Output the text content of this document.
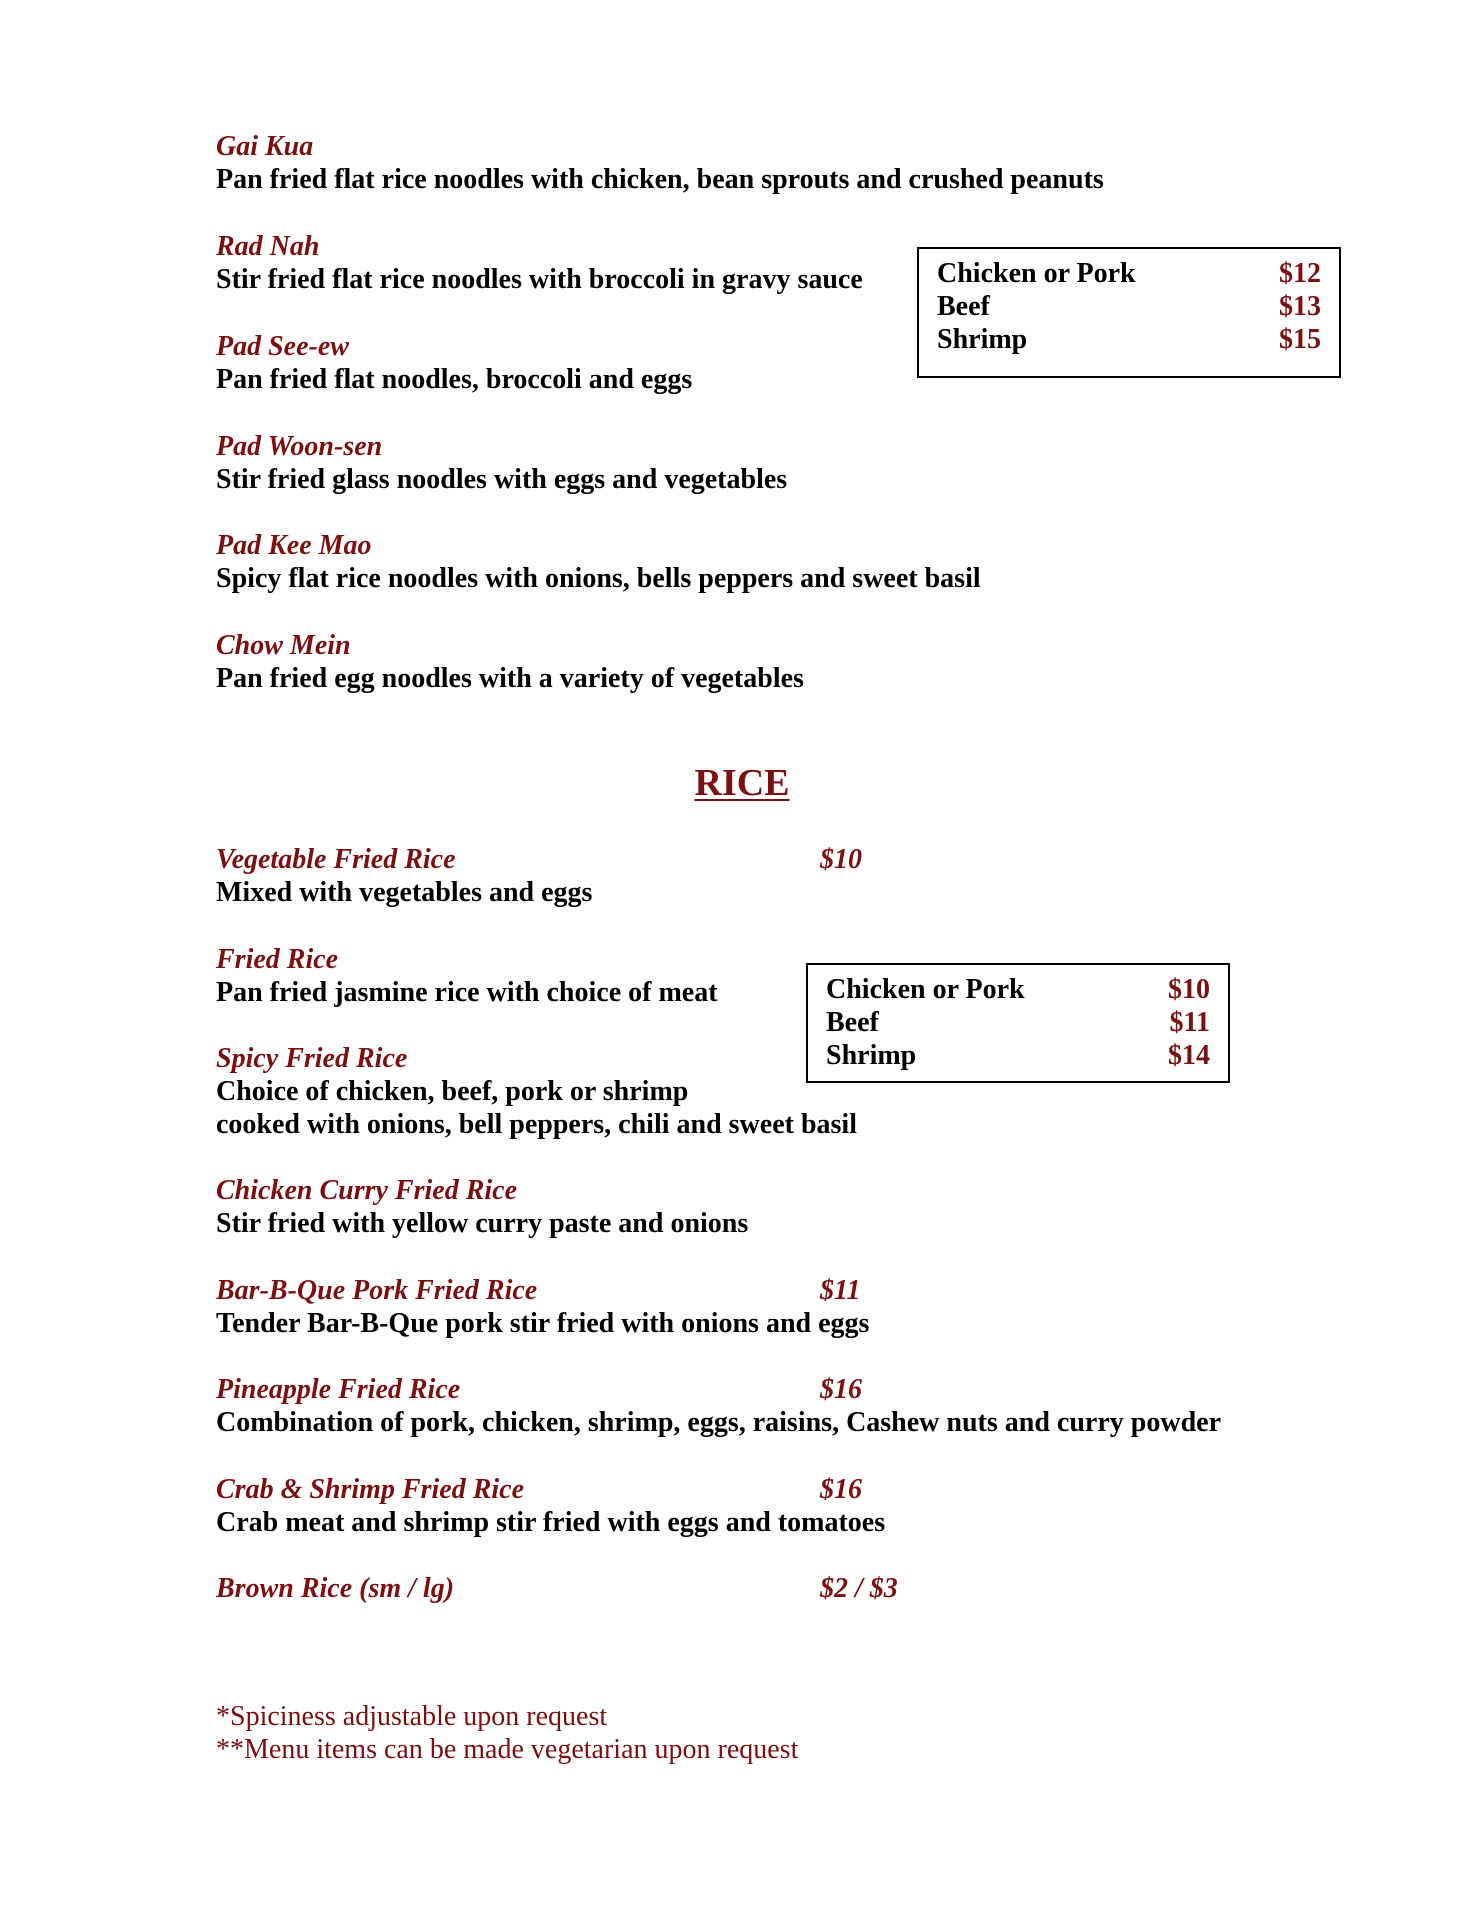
Gai Kua
Pan fried flat rice noodles with chicken, bean sprouts and crushed peanuts
Rad Nah
Stir fried flat rice noodles with broccoli in gravy sauce
Pad See-ew
Pan fried flat noodles, broccoli and eggs
Pad Woon-sen
Stir fried glass noodles with eggs and vegetables
Pad Kee Mao
Spicy flat rice noodles with onions, bells peppers and sweet basil
Chow Mein
Pan fried egg noodles with a variety of vegetables
Chicken or Pork	$12
Beef	$13
Shrimp	$15
RICE
Vegetable Fried Rice
Mixed with vegetables and eggs
$10
Fried Rice
Pan fried jasmine rice with choice of meat
Spicy Fried Rice
Choice of chicken, beef, pork or shrimp
cooked with onions, bell peppers, chili and sweet basil
Chicken Curry Fried Rice
Stir fried with yellow curry paste and onions
Bar-B-Que Pork Fried Rice
Tender Bar-B-Que pork stir fried with onions and eggs
$11
Pineapple Fried Rice
Combination of pork, chicken, shrimp, eggs, raisins, Cashew nuts and curry powder
$16
Crab & Shrimp Fried Rice
Crab meat and shrimp stir fried with eggs and tomatoes
$16
Brown Rice (sm / lg)	$2 / $3
Chicken or Pork	$10
Beef	$11
Shrimp	$14
*Spiciness adjustable upon request
**Menu items can be made vegetarian upon request
